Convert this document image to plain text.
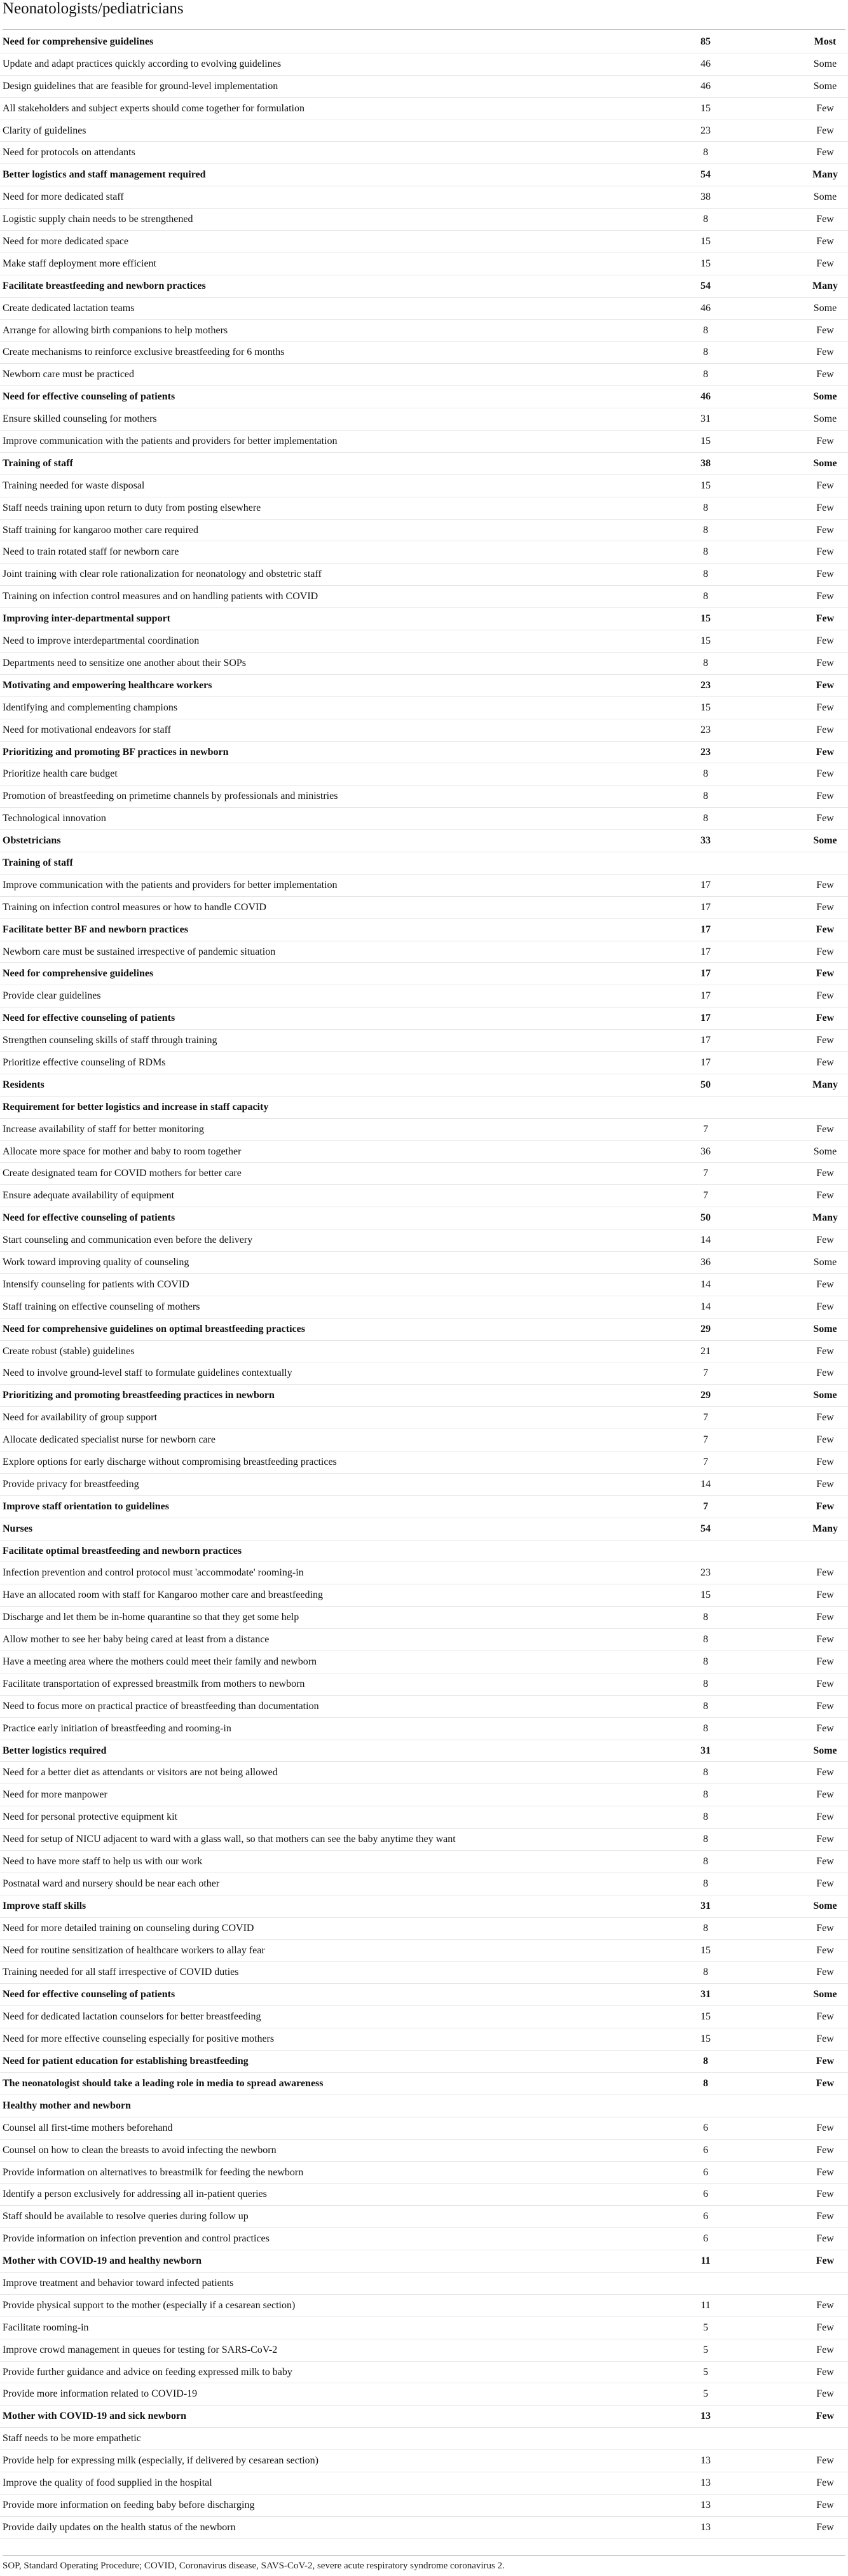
Neonatologists/pediatricians
Need for comprehensive guidelines	85	Most
Update and adapt practices quickly according to evolving guidelines	46	Some
Design guidelines that are feasible for ground-level implementation	46	Some
All stakeholders and subject experts should come together for formulation	15	Few
Clarity of guidelines	23	Few
Need for protocols on attendants	8	Few
Better logistics and staff management required	54	Many
Need for more dedicated staff	38	Some
Logistic supply chain needs to be strengthened	8	Few
Need for more dedicated space	15	Few
Make staff deployment more efficient	15	Few
Facilitate breastfeeding and newborn practices	54	Many
Create dedicated lactation teams	46	Some
Arrange for allowing birth companions to help mothers	8	Few
Create mechanisms to reinforce exclusive breastfeeding for 6 months	8	Few
Newborn care must be practiced	8	Few
Need for effective counseling of patients	46	Some
Ensure skilled counseling for mothers	31	Some
Improve communication with the patients and providers for better implementation	15	Few
Training of staff	38	Some
Training needed for waste disposal	15	Few
Staff needs training upon return to duty from posting elsewhere	8	Few
Staff training for kangaroo mother care required	8	Few
Need to train rotated staff for newborn care	8	Few
Joint training with clear role rationalization for neonatology and obstetric staff	8	Few
Training on infection control measures and on handling patients with COVID	8	Few
Improving inter-departmental support	15	Few
Need to improve interdepartmental coordination	15	Few
Departments need to sensitize one another about their SOPs	8	Few
Motivating and empowering healthcare workers	23	Few
Identifying and complementing champions	15	Few
Need for motivational endeavors for staff	23	Few
Prioritizing and promoting BF practices in newborn	23	Few
Prioritize health care budget	8	Few
Promotion of breastfeeding on primetime channels by professionals and ministries	8	Few
Technological innovation	8	Few
Obstetricians	33	Some
Training of staff
Improve communication with the patients and providers for better implementation	17	Few
Training on infection control measures or how to handle COVID	17	Few
Facilitate better BF and newborn practices	17	Few
Newborn care must be sustained irrespective of pandemic situation	17	Few
Need for comprehensive guidelines	17	Few
Provide clear guidelines	17	Few
Need for effective counseling of patients	17	Few
Strengthen counseling skills of staff through training	17	Few
Prioritize effective counseling of RDMs	17	Few
Residents	50	Many
Requirement for better logistics and increase in staff capacity
Increase availability of staff for better monitoring	7	Few
Allocate more space for mother and baby to room together	36	Some
Create designated team for COVID mothers for better care	7	Few
Ensure adequate availability of equipment	7	Few
Need for effective counseling of patients	50	Many
Start counseling and communication even before the delivery	14	Few
Work toward improving quality of counseling	36	Some
Intensify counseling for patients with COVID	14	Few
Staff training on effective counseling of mothers	14	Few
Need for comprehensive guidelines on optimal breastfeeding practices	29	Some
Create robust (stable) guidelines	21	Few
Need to involve ground-level staff to formulate guidelines contextually	7	Few
Prioritizing and promoting breastfeeding practices in newborn	29	Some
Need for availability of group support	7	Few
Allocate dedicated specialist nurse for newborn care	7	Few
Explore options for early discharge without compromising breastfeeding practices	7	Few
Provide privacy for breastfeeding	14	Few
Improve staff orientation to guidelines	7	Few
Nurses	54	Many
Facilitate optimal breastfeeding and newborn practices
Infection prevention and control protocol must 'accommodate' rooming-in	23	Few
Have an allocated room with staff for Kangaroo mother care and breastfeeding	15	Few
Discharge and let them be in-home quarantine so that they get some help	8	Few
Allow mother to see her baby being cared at least from a distance	8	Few
Have a meeting area where the mothers could meet their family and newborn	8	Few
Facilitate transportation of expressed breastmilk from mothers to newborn	8	Few
Need to focus more on practical practice of breastfeeding than documentation	8	Few
Practice early initiation of breastfeeding and rooming-in	8	Few
Better logistics required	31	Some
Need for a better diet as attendants or visitors are not being allowed	8	Few
Need for more manpower	8	Few
Need for personal protective equipment kit	8	Few
Need for setup of NICU adjacent to ward with a glass wall, so that mothers can see the baby anytime they want	8	Few
Need to have more staff to help us with our work	8	Few
Postnatal ward and nursery should be near each other	8	Few
Improve staff skills	31	Some
Need for more detailed training on counseling during COVID	8	Few
Need for routine sensitization of healthcare workers to allay fear	15	Few
Training needed for all staff irrespective of COVID duties	8	Few
Need for effective counseling of patients	31	Some
Need for dedicated lactation counselors for better breastfeeding	15	Few
Need for more effective counseling especially for positive mothers	15	Few
Need for patient education for establishing breastfeeding	8	Few
The neonatologist should take a leading role in media to spread awareness	8	Few
Healthy mother and newborn
Counsel all first-time mothers beforehand	6	Few
Counsel on how to clean the breasts to avoid infecting the newborn	6	Few
Provide information on alternatives to breastmilk for feeding the newborn	6	Few
Identify a person exclusively for addressing all in-patient queries	6	Few
Staff should be available to resolve queries during follow up	6	Few
Provide information on infection prevention and control practices	6	Few
Mother with COVID-19 and healthy newborn	11	Few
Improve treatment and behavior toward infected patients
Provide physical support to the mother (especially if a cesarean section)	11	Few
Facilitate rooming-in	5	Few
Improve crowd management in queues for testing for SARS-CoV-2	5	Few
Provide further guidance and advice on feeding expressed milk to baby	5	Few
Provide more information related to COVID-19	5	Few
Mother with COVID-19 and sick newborn	13	Few
Staff needs to be more empathetic
Provide help for expressing milk (especially, if delivered by cesarean section)	13	Few
Improve the quality of food supplied in the hospital	13	Few
Provide more information on feeding baby before discharging	13	Few
Provide daily updates on the health status of the newborn	13	Few
SOP, Standard Operating Procedure; COVID, Coronavirus disease, SAVS-CoV-2, severe acute respiratory syndrome coronavirus 2.
